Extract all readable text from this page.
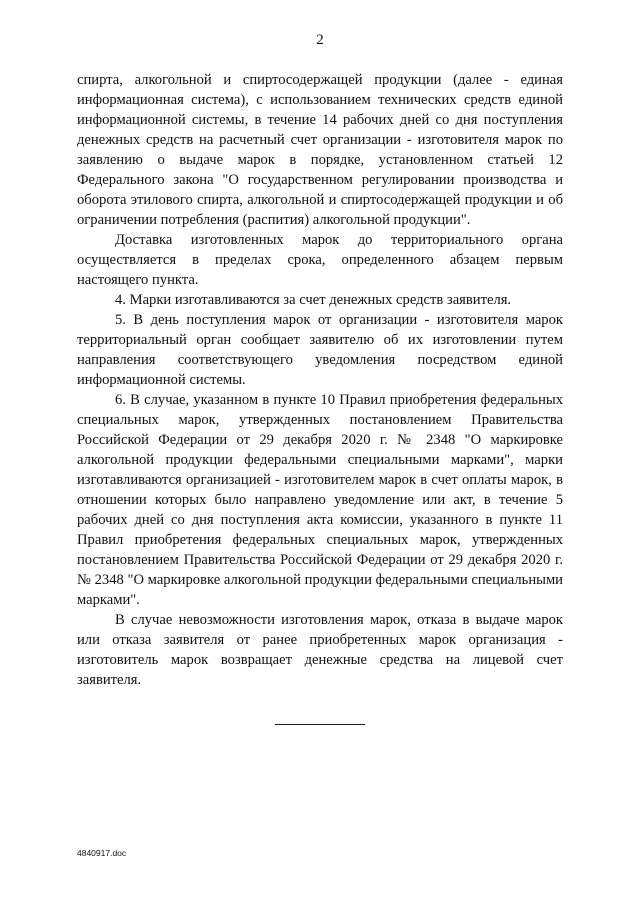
2

спирта, алкогольной и спиртосодержащей продукции (далее - единая информационная система), с использованием технических средств единой информационной системы, в течение 14 рабочих дней со дня поступления денежных средств на расчетный счет организации - изготовителя марок по заявлению о выдаче марок в порядке, установленном статьей 12 Федерального закона "О государственном регулировании производства и оборота этилового спирта, алкогольной и спиртосодержащей продукции и об ограничении потребления (распития) алкогольной продукции".

Доставка изготовленных марок до территориального органа осуществляется в пределах срока, определенного абзацем первым настоящего пункта.

4. Марки изготавливаются за счет денежных средств заявителя.

5. В день поступления марок от организации - изготовителя марок территориальный орган сообщает заявителю об их изготовлении путем направления соответствующего уведомления посредством единой информационной системы.

6. В случае, указанном в пункте 10 Правил приобретения федеральных специальных марок, утвержденных постановлением Правительства Российской Федерации от 29 декабря 2020 г. № 2348 "О маркировке алкогольной продукции федеральными специальными марками", марки изготавливаются организацией - изготовителем марок в счет оплаты марок, в отношении которых было направлено уведомление или акт, в течение 5 рабочих дней со дня поступления акта комиссии, указанного в пункте 11 Правил приобретения федеральных специальных марок, утвержденных постановлением Правительства Российской Федерации от 29 декабря 2020 г. № 2348 "О маркировке алкогольной продукции федеральными специальными марками".

В случае невозможности изготовления марок, отказа в выдаче марок или отказа заявителя от ранее приобретенных марок организация - изготовитель марок возвращает денежные средства на лицевой счет заявителя.

4840917.doc
